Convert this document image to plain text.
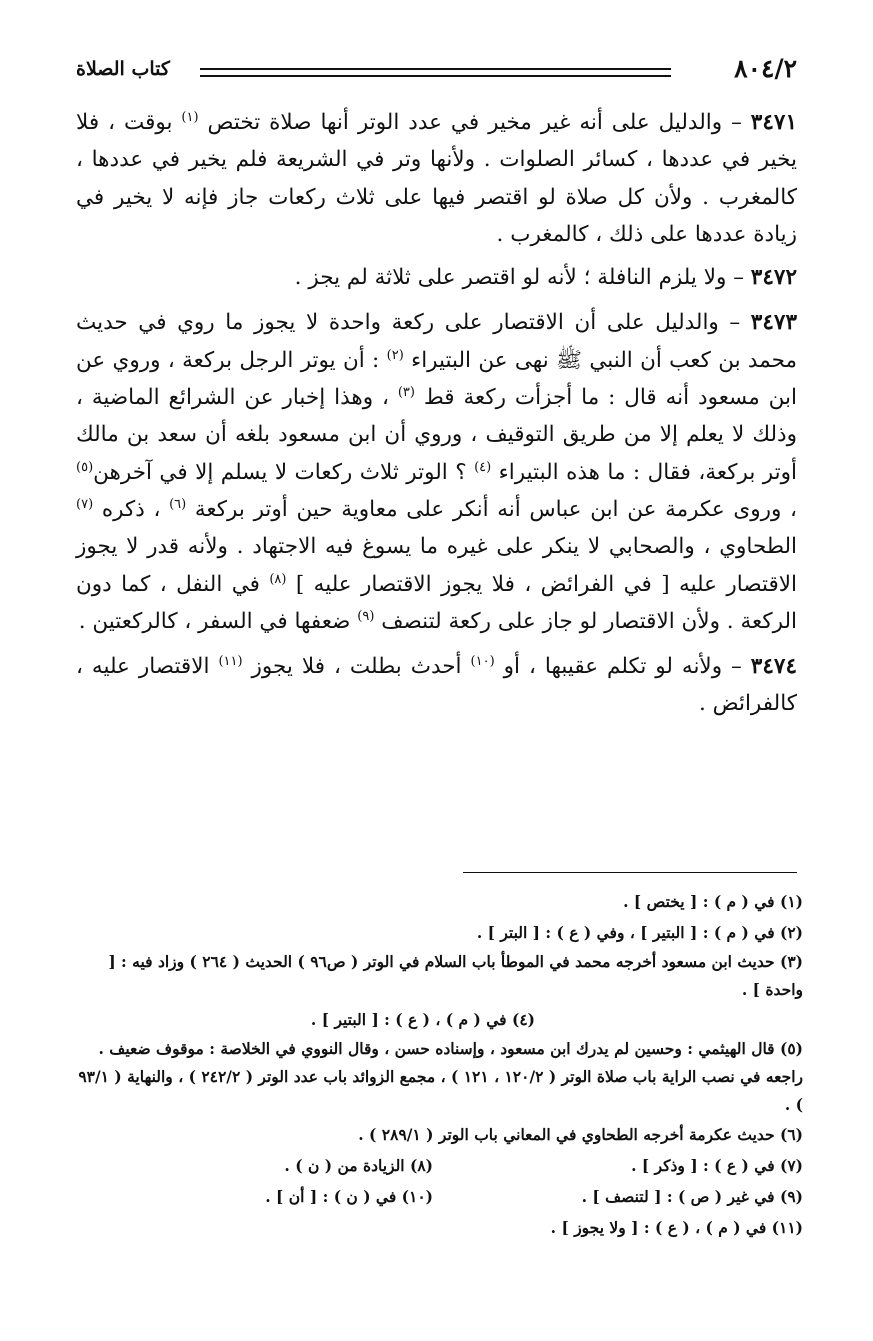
٨٠٤/٢
كتاب الصلاة

٣٤٧١ – والدليل على أنه غير مخير في عدد الوتر أنها صلاة تختص $^{(١)}$ بوقت ، فلا يخير في عددها ، كسائر الصلوات . ولأنها وتر في الشريعة فلم يخير في عددها ، كالمغرب . ولأن كل صلاة لو اقتصر فيها على ثلاث ركعات جاز فإنه لا يخير في زيادة عددها على ذلك ، كالمغرب .

٣٤٧٢ – ولا يلزم النافلة ؛ لأنه لو اقتصر على ثلاثة لم يجز .

٣٤٧٣ – والدليل على أن الاقتصار على ركعة واحدة لا يجوز ما روي في حديث محمد بن كعب أن النبي ﷺ نهى عن البتيراء $^{(٢)}$ : أن يوتر الرجل بركعة ، وروي عن ابن مسعود أنه قال : ما أجزأت ركعة قط $^{(٣)}$ ، وهذا إخبار عن الشرائع الماضية ، وذلك لا يعلم إلا من طريق التوقيف ، وروي أن ابن مسعود بلغه أن سعد بن مالك أوتر بركعة، فقال : ما هذه البتيراء $^{(٤)}$ ؟ الوتر ثلاث ركعات لا يسلم إلا في آخرهن$^{(٥)}$ ، وروى عكرمة عن ابن عباس أنه أنكر على معاوية حين أوتر بركعة $^{(٦)}$ ، ذكره $^{(٧)}$ الطحاوي ، والصحابي لا ينكر على غيره ما يسوغ فيه الاجتهاد . ولأنه قدر لا يجوز الاقتصار عليه [ في الفرائض ، فلا يجوز الاقتصار عليه ] $^{(٨)}$ في النفل ، كما دون الركعة . ولأن الاقتصار لو جاز على ركعة لتنصف $^{(٩)}$ ضعفها في السفر ، كالركعتين .

٣٤٧٤ – ولأنه لو تكلم عقيبها ، أو $^{(١٠)}$ أحدث بطلت ، فلا يجوز $^{(١١)}$ الاقتصار عليه ، كالفرائض .

(١) في ( م ) : [ يختص ] .
(٢) في ( م ) : [ البتير ] ، وفي ( ع ) : [ البتر ] .
(٣) حديث ابن مسعود أخرجه محمد في الموطأ باب السلام في الوتر ( ص٩٦ ) الحديث ( ٢٦٤ ) وزاد فيه : [ واحدة ] .
(٤) في ( م ) ، ( ع ) : [ البتير ] .
(٥) قال الهيثمي : وحسين لم يدرك ابن مسعود ، وإسناده حسن ، وقال النووي في الخلاصة : موقوف ضعيف . راجعه في نصب الراية باب صلاة الوتر ( ١٢٠/٢ ، ١٢١ ) ، مجمع الزوائد باب عدد الوتر ( ٢٤٢/٢ ) ، والنهاية ( ٩٣/١ ) .
(٦) حديث عكرمة أخرجه الطحاوي في المعاني باب الوتر ( ٢٨٩/١ ) .
(٧) في ( ع ) : [ وذكر ] .
(٨) الزيادة من ( ن ) .
(٩) في غير ( ص ) : [ لتنصف ] .
(١٠) في ( ن ) : [ أن ] .
(١١) في ( م ) ، ( ع ) : [ ولا يجوز ] .
